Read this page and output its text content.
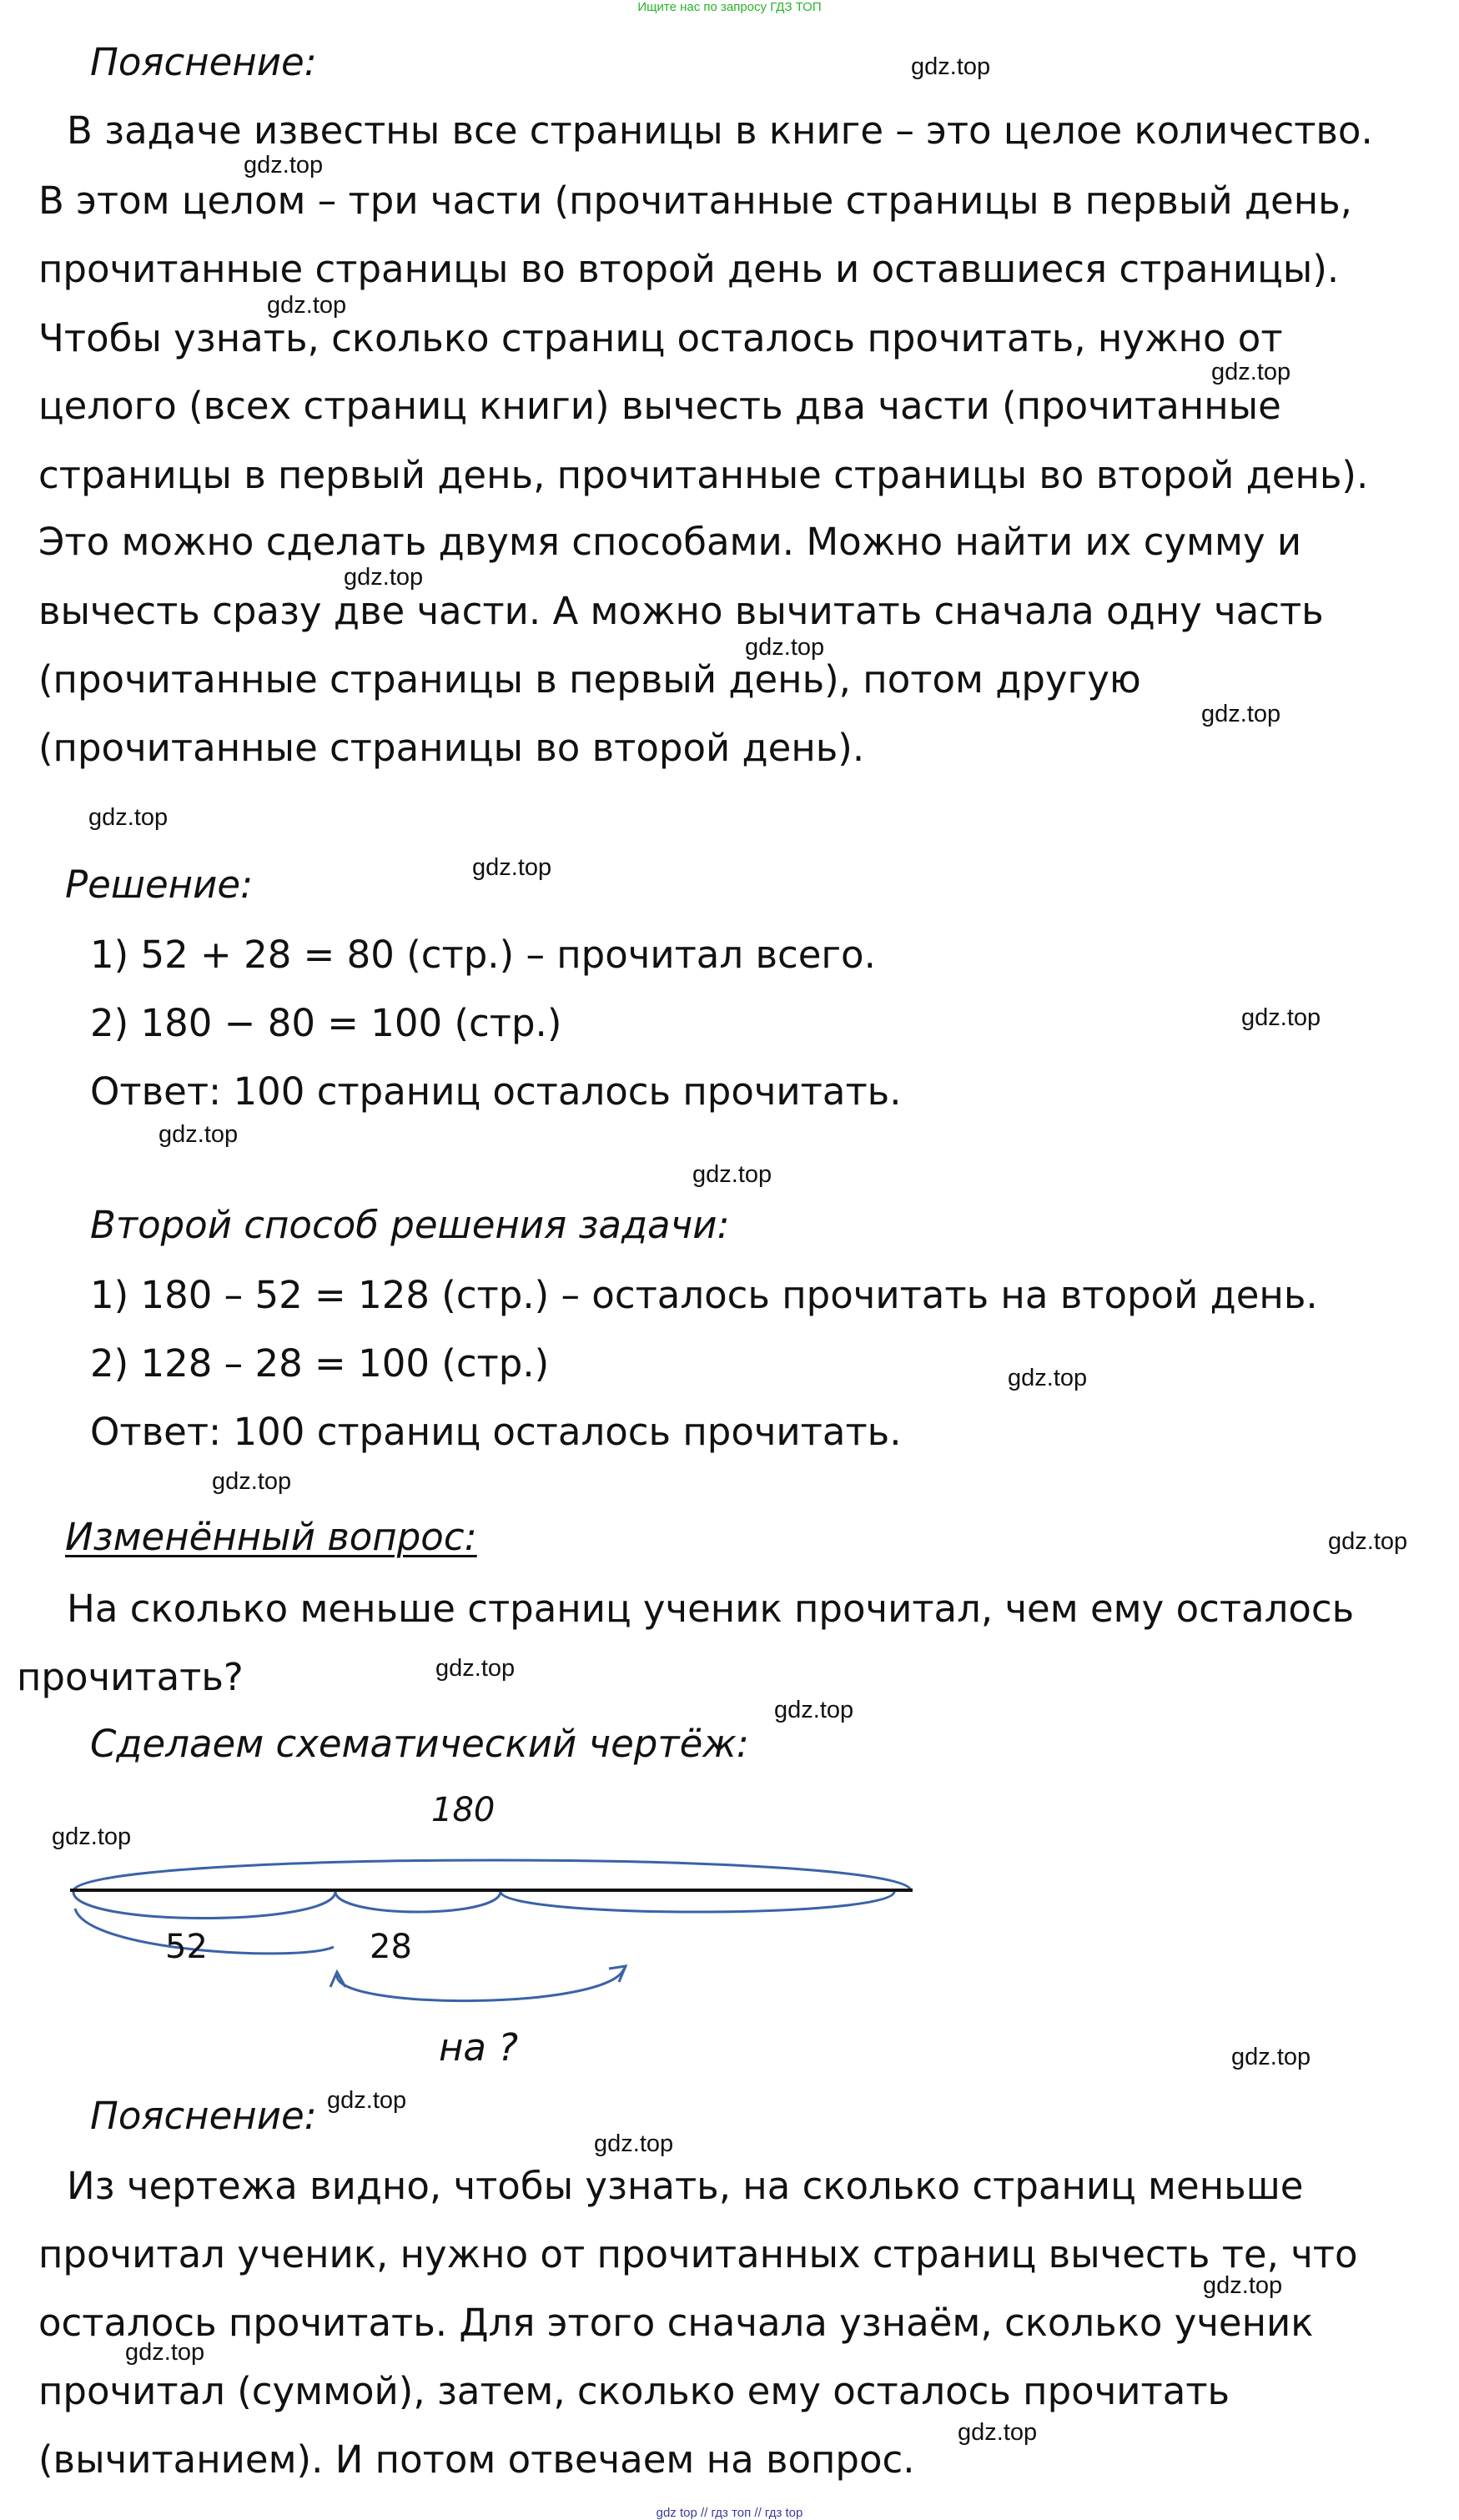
Ищите нас по запросу ГДЗ ТОП
Пояснение:
В задаче известны все страницы в книге – это целое количество.
В этом целом – три части (прочитанные страницы в первый день,
прочитанные страницы во второй день и оставшиеся страницы).
Чтобы узнать, сколько страниц осталось прочитать, нужно от
целого (всех страниц книги) вычесть два части (прочитанные
страницы в первый день, прочитанные страницы во второй день).
Это можно сделать двумя способами. Можно найти их сумму и
вычесть сразу две части. А можно вычитать сначала одну часть
(прочитанные страницы в первый день), потом другую
(прочитанные страницы во второй день).
Решение:
1) 52 + 28 = 80 (стр.) – прочитал всего.
2) 180 − 80 = 100 (стр.)
Ответ: 100 страниц осталось прочитать.
Второй способ решения задачи:
1) 180 – 52 = 128 (стр.) – осталось прочитать на второй день.
2) 128 – 28 = 100 (стр.)
Ответ: 100 страниц осталось прочитать.
Изменённый вопрос:
На сколько меньше страниц ученик прочитал, чем ему осталось
прочитать?
Сделаем схематический чертёж:
180
52	28
на ?
Пояснение:
Из чертежа видно, чтобы узнать, на сколько страниц меньше
прочитал ученик, нужно от прочитанных страниц вычесть те, что
осталось прочитать. Для этого сначала узнаём, сколько ученик
прочитал (суммой), затем, сколько ему осталось прочитать
(вычитанием). И потом отвечаем на вопрос.
gdz.top
gdz.top
gdz.top
gdz.top
gdz.top
gdz.top
gdz.top
gdz.top
gdz.top
gdz.top
gdz.top
gdz.top
gdz.top
gdz.top
gdz.top
gdz.top
gdz.top
gdz.top
gdz.top
gdz.top
gdz.top
gdz.top
gdz.top
gdz.top
gdz top // гдз топ // гдз top
